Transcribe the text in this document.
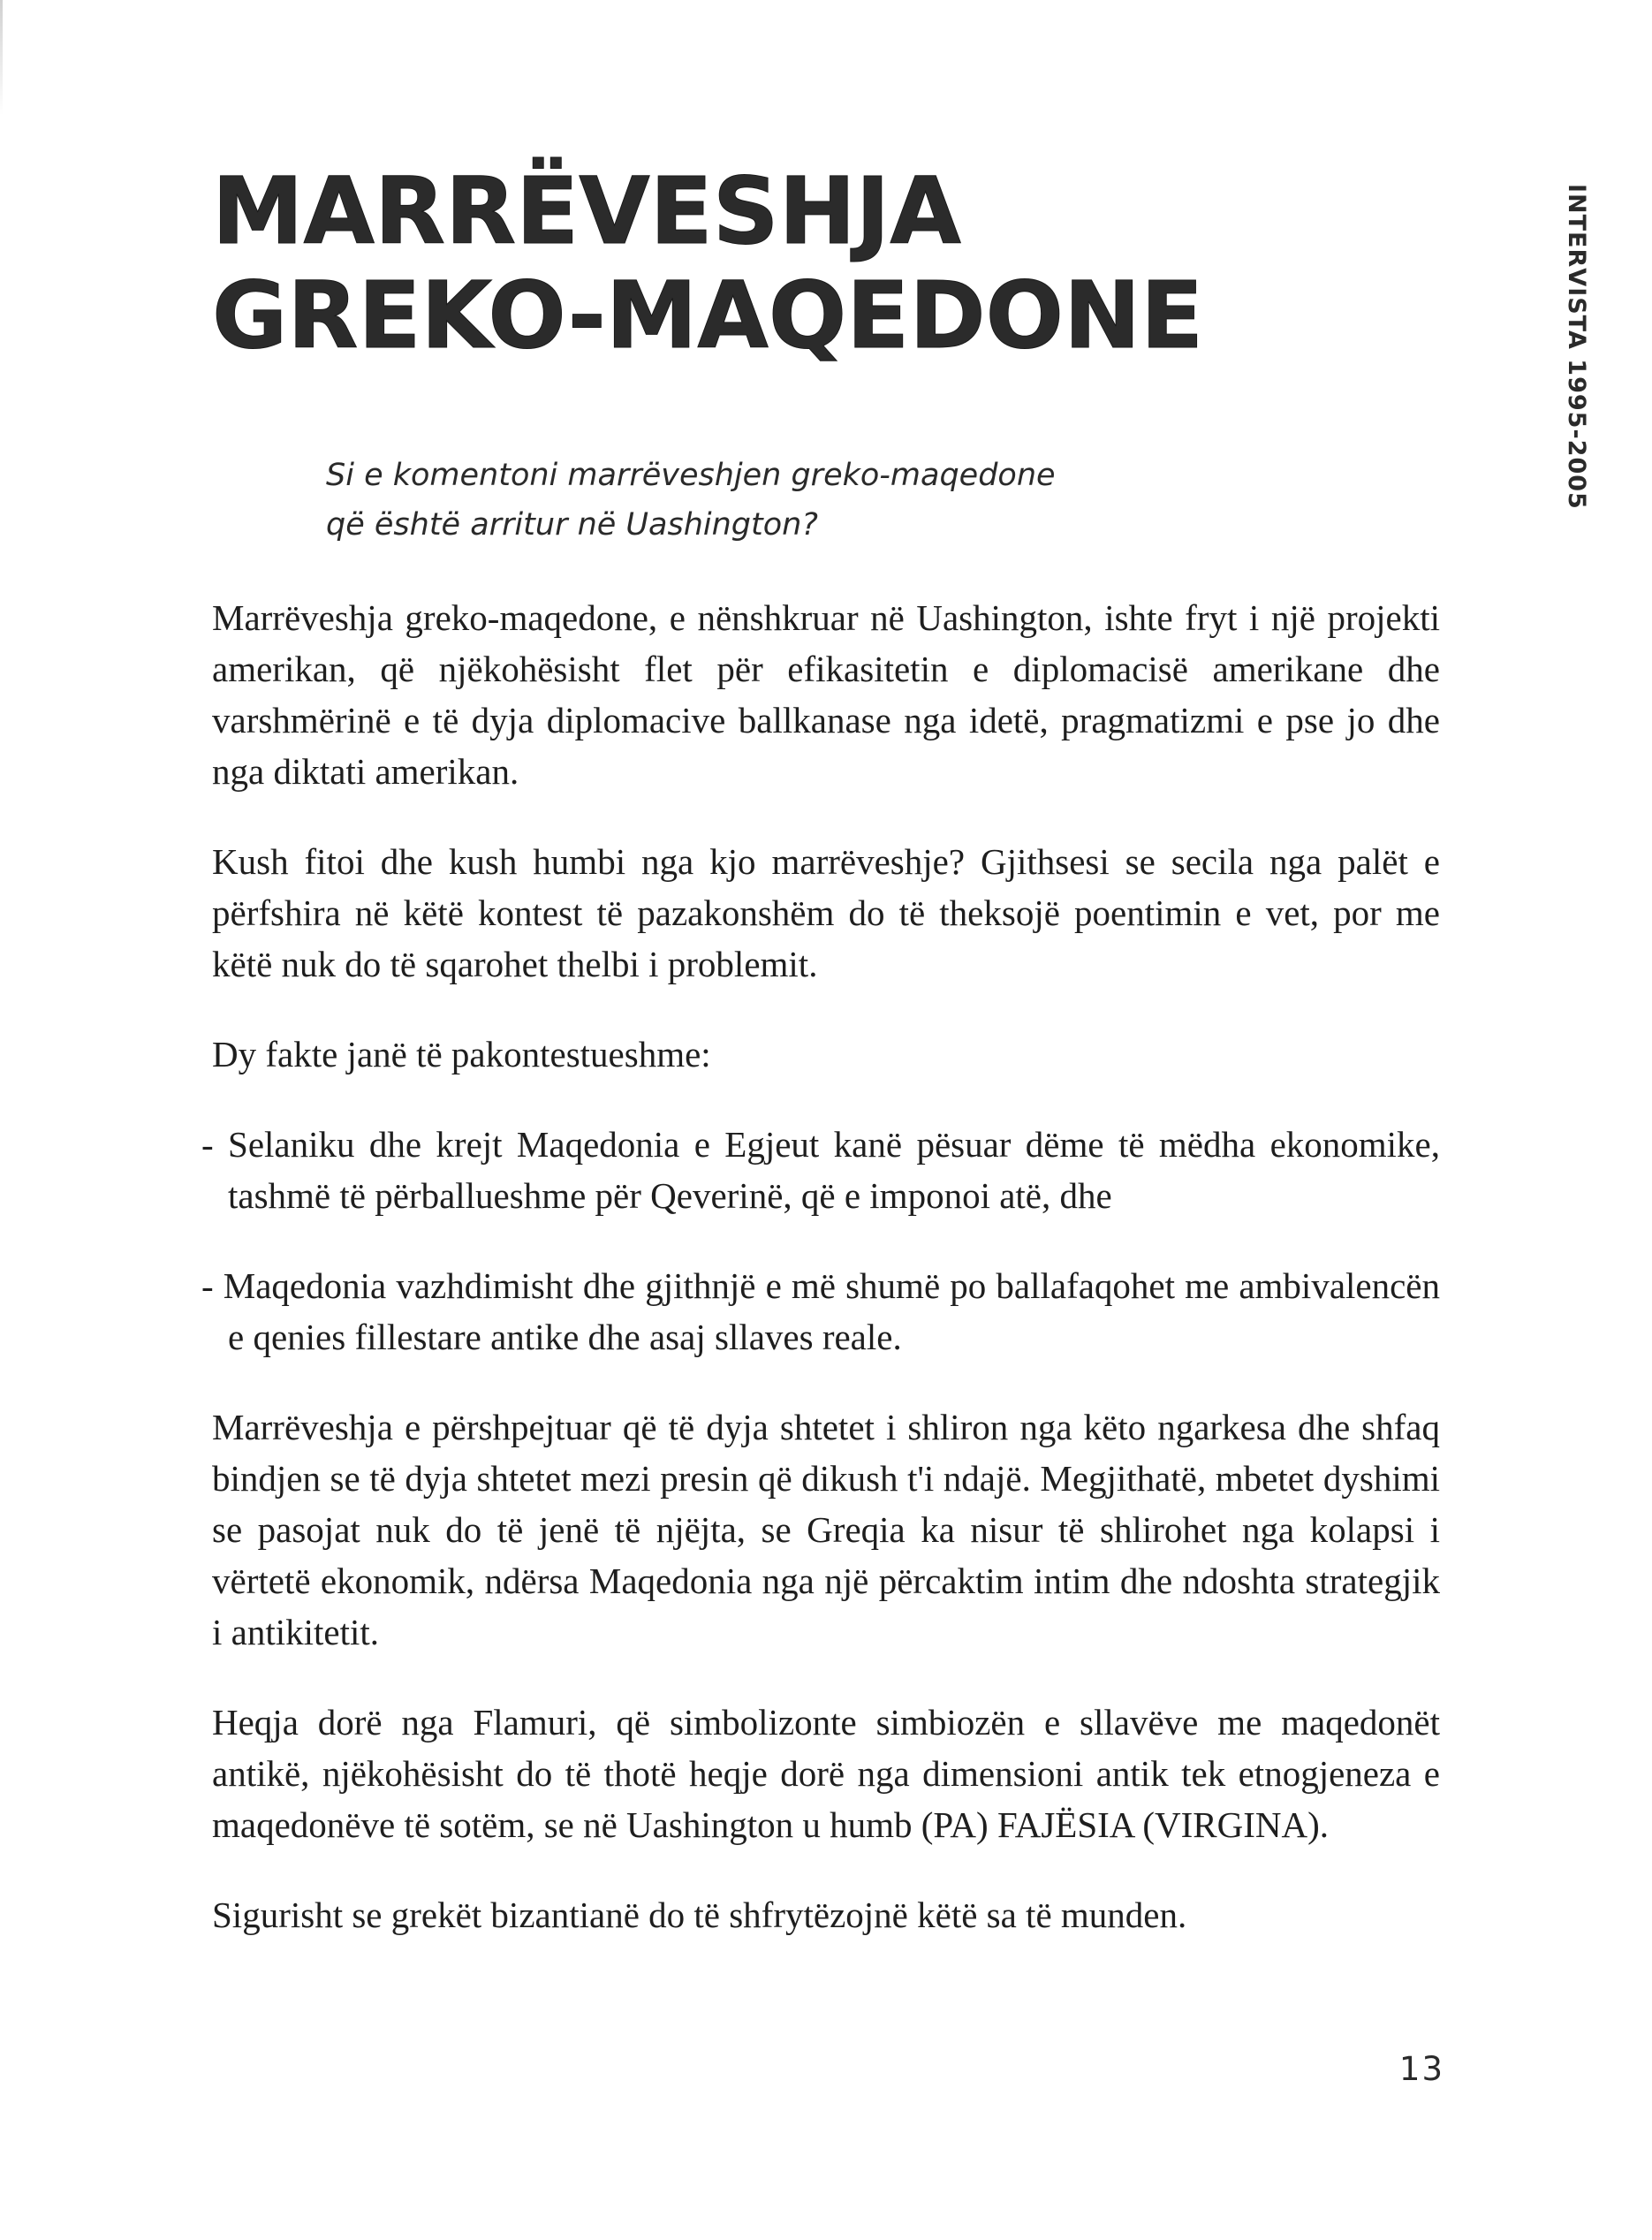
MARRËVESHJA
GREKO-MAQEDONE	INTERVISTA 1995-2005

Si e komentoni marrëveshjen greko-maqedone
që është arritur në Uashington?

Marrëveshja greko-maqedone, e nënshkruar në Uashington, ishte fryt i një projekti amerikan, që njëkohësisht flet për efikasitetin e diplomacisë amerikane dhe varshmërinë e të dyja diplomacive ballkanase nga idetë, pragmatizmi e pse jo dhe nga diktati amerikan.

Kush fitoi dhe kush humbi nga kjo marrëveshje? Gjithsesi se secila nga palët e përfshira në këtë kontest të pazakonshëm do të theksojë poentimin e vet, por me këtë nuk do të sqarohet thelbi i problemit.

Dy fakte janë të pakontestueshme:

- Selaniku dhe krejt Maqedonia e Egjeut kanë pësuar dëme të mëdha ekonomike, tashmë të përballueshme për Qeverinë, që e imponoi atë, dhe

- Maqedonia vazhdimisht dhe gjithnjë e më shumë po ballafaqohet me ambivalencën e qenies fillestare antike dhe asaj sllaves reale.

Marrëveshja e përshpejtuar që të dyja shtetet i shliron nga këto ngarkesa dhe shfaq bindjen se të dyja shtetet mezi presin që dikush t'i ndajë. Megjithatë, mbetet dyshimi se pasojat nuk do të jenë të njëjta, se Greqia ka nisur të shlirohet nga kolapsi i vërtetë ekonomik, ndërsa Maqedonia nga një përcaktim intim dhe ndoshta strategjik i antikitetit.

Heqja dorë nga Flamuri, që simbolizonte simbiozën e sllavëve me maqedonët antikë, njëkohësisht do të thotë heqje dorë nga dimensioni antik tek etnogjeneza e maqedonëve të sotëm, se në Uashington u humb (PA) FAJËSIA (VIRGINA).

Sigurisht se grekët bizantianë do të shfrytëzojnë këtë sa të munden.

13
